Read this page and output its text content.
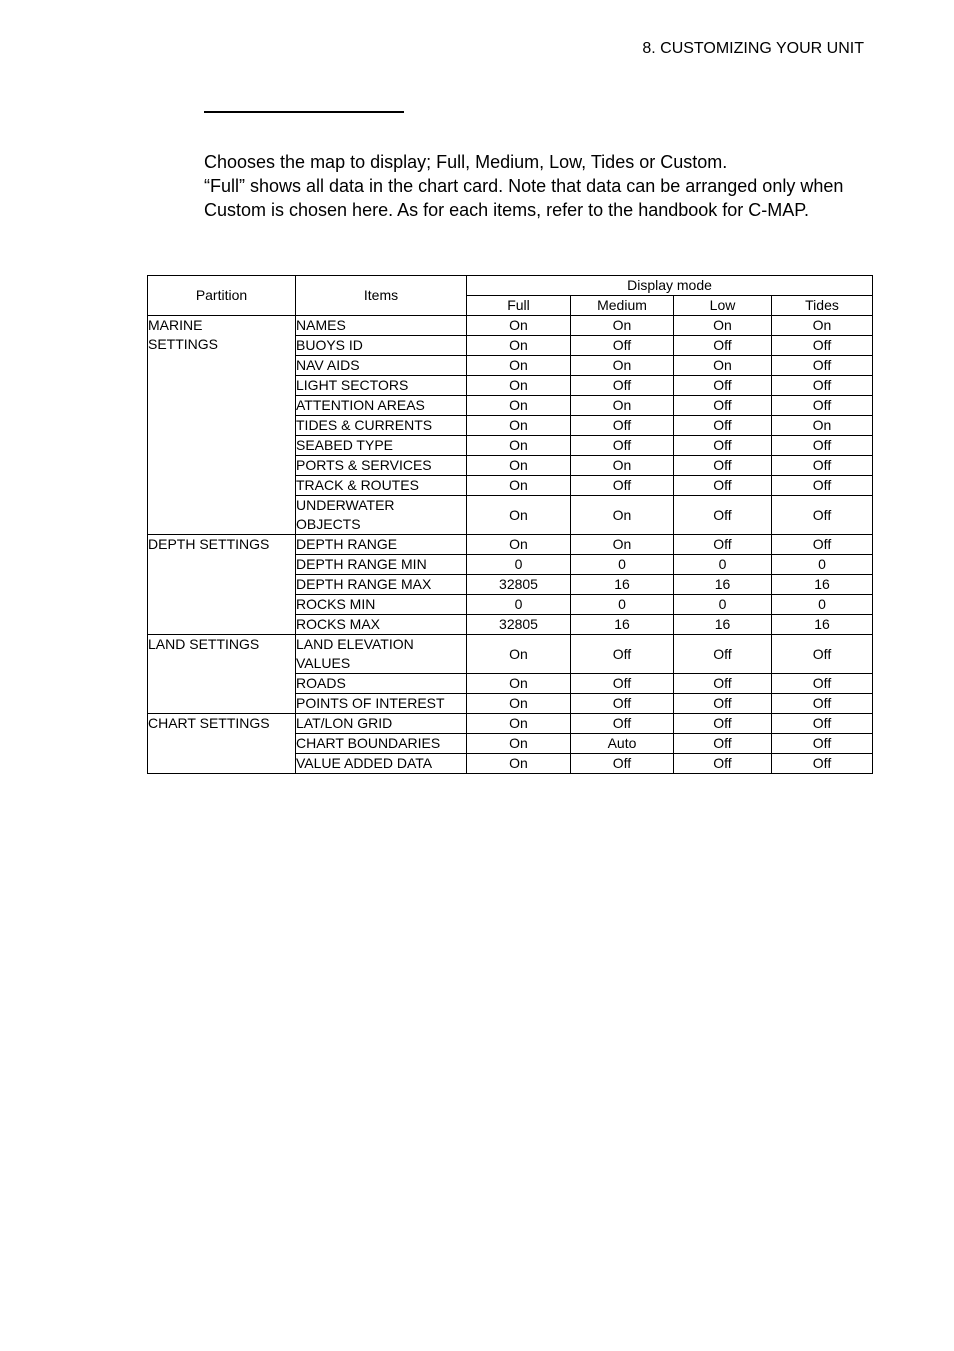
8. CUSTOMIZING YOUR UNIT

Chooses the map to display; Full, Medium, Low, Tides or Custom.

“Full” shows all data in the chart card. Note that data can be arranged only when

Custom is chosen here. As for each items, refer to the handbook for C-MAP.

Partition	Items	Display mode			
		Full	Medium	Low	Tides

MARINE
SETTINGS	NAMES	On	On	On	On

	BUOYS ID	On	Off	Off	Off

	NAV AIDS	On	On	On	Off

	LIGHT SECTORS	On	Off	Off	Off

	ATTENTION AREAS	On	On	Off	Off

	TIDES & CURRENTS	On	Off	Off	On

	SEABED TYPE	On	Off	Off	Off

	PORTS & SERVICES	On	On	Off	Off

	TRACK & ROUTES	On	Off	Off	Off

	UNDERWATER
OBJECTS	On	On	Off	Off

DEPTH SETTINGS	DEPTH RANGE	On	On	Off	Off

	DEPTH RANGE MIN	0	0	0	0

	DEPTH RANGE MAX	32805	16	16	16

	ROCKS MIN	0	0	0	0

	ROCKS MAX	32805	16	16	16

LAND SETTINGS	LAND ELEVATION
VALUES	On	Off	Off	Off

	ROADS	On	Off	Off	Off

	POINTS OF INTEREST	On	Off	Off	Off

CHART SETTINGS	LAT/LON GRID	On	Off	Off	Off

	CHART BOUNDARIES	On	Auto	Off	Off

	VALUE ADDED DATA	On	Off	Off	Off
